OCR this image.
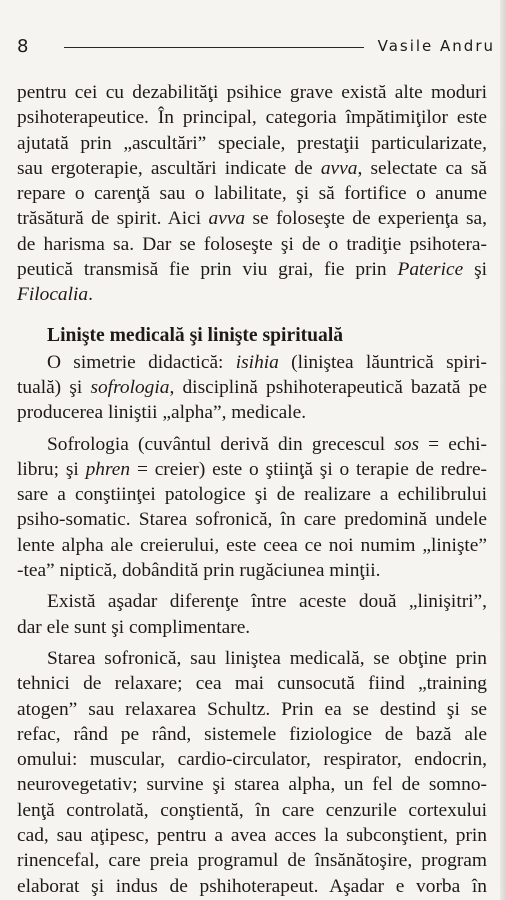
8	Vasile Andru
pentru cei cu dezabilităţi psihice grave există alte moduri
psihoterapeutice. În principal, categoria împătimiţilor este
ajutată prin „ascultări” speciale, prestaţii particularizate,
sau ergoterapie, ascultări indicate de avva, selectate ca să
repare o carenţă sau o labilitate, şi să fortifice o anume
trăsătură de spirit. Aici avva se foloseşte de experienţa sa,
de harisma sa. Dar se foloseşte şi de o tradiţie psihotera-
peutică transmisă fie prin viu grai, fie prin Paterice şi
Filocalia.
Linişte medicală şi linişte spirituală
O simetrie didactică: isihia (liniştea lăuntrică spiri-
tuală) şi sofrologia, disciplină pshihoterapeutică bazată pe
producerea liniştii „alpha”, medicale.
Sofrologia (cuvântul derivă din grecescul sos = echi-
libru; şi phren = creier) este o ştiinţă şi o terapie de redre-
sare a conştiinţei patologice şi de realizare a echilibrului
psiho-somatic. Starea sofronică, în care predomină undele
lente alpha ale creierului, este ceea ce noi numim „linişte”
-tea” niptică, dobândită prin rugăciunea minţii.
Există aşadar diferenţe între aceste două „linişitri”,
dar ele sunt şi complimentare.
Starea sofronică, sau liniştea medicală, se obţine prin
tehnici de relaxare; cea mai cunsocută fiind „training
atogen” sau relaxarea Schultz. Prin ea se destind şi se
refac, rând pe rând, sistemele fiziologice de bază ale
omului: muscular, cardio-circulator, respirator, endocrin,
neurovegetativ; survine şi starea alpha, un fel de somno-
lenţă controlată, conştientă, în care cenzurile cortexului
cad, sau aţipesc, pentru a avea acces la subconştient, prin
rinencefal, care preia programul de însănătoşire, program
elaborat şi indus de pshihoterapeut. Aşadar e vorba în
